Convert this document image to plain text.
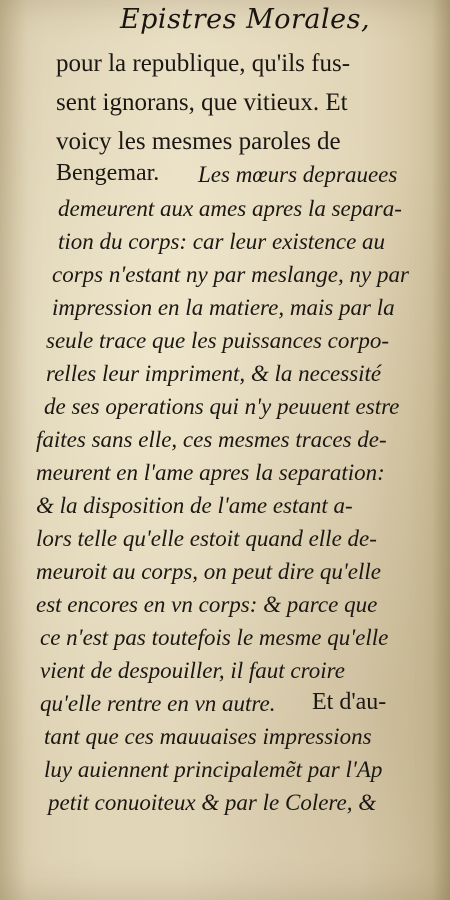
Epistres Morales,
pour la republique, qu'ils fus-
sent ignorans, que vitieux. Et
voicy les mesmes paroles de
Bengemar. Les mœurs deprauees
demeurent aux ames apres la separa-
tion du corps: car leur existence au
corps n'estant ny par meslange, ny par
impression en la matiere, mais par la
seule trace que les puissances corpo-
relles leur impriment, & la necessité
de ses operations qui n'y peuuent estre
faites sans elle, ces mesmes traces de-
meurent en l'ame apres la separation:
& la disposition de l'ame estant a-
lors telle qu'elle estoit quand elle de-
meuroit au corps, on peut dire qu'elle
est encores en vn corps: & parce que
ce n'est pas toutefois le mesme qu'elle
vient de despouiller, il faut croire
qu'elle rentre en vn autre. Et d'au-
tant que ces mauuaises impressions
luy auiennent principalemẽt par l'Ap
petit conuoiteux & par le Colere, &
